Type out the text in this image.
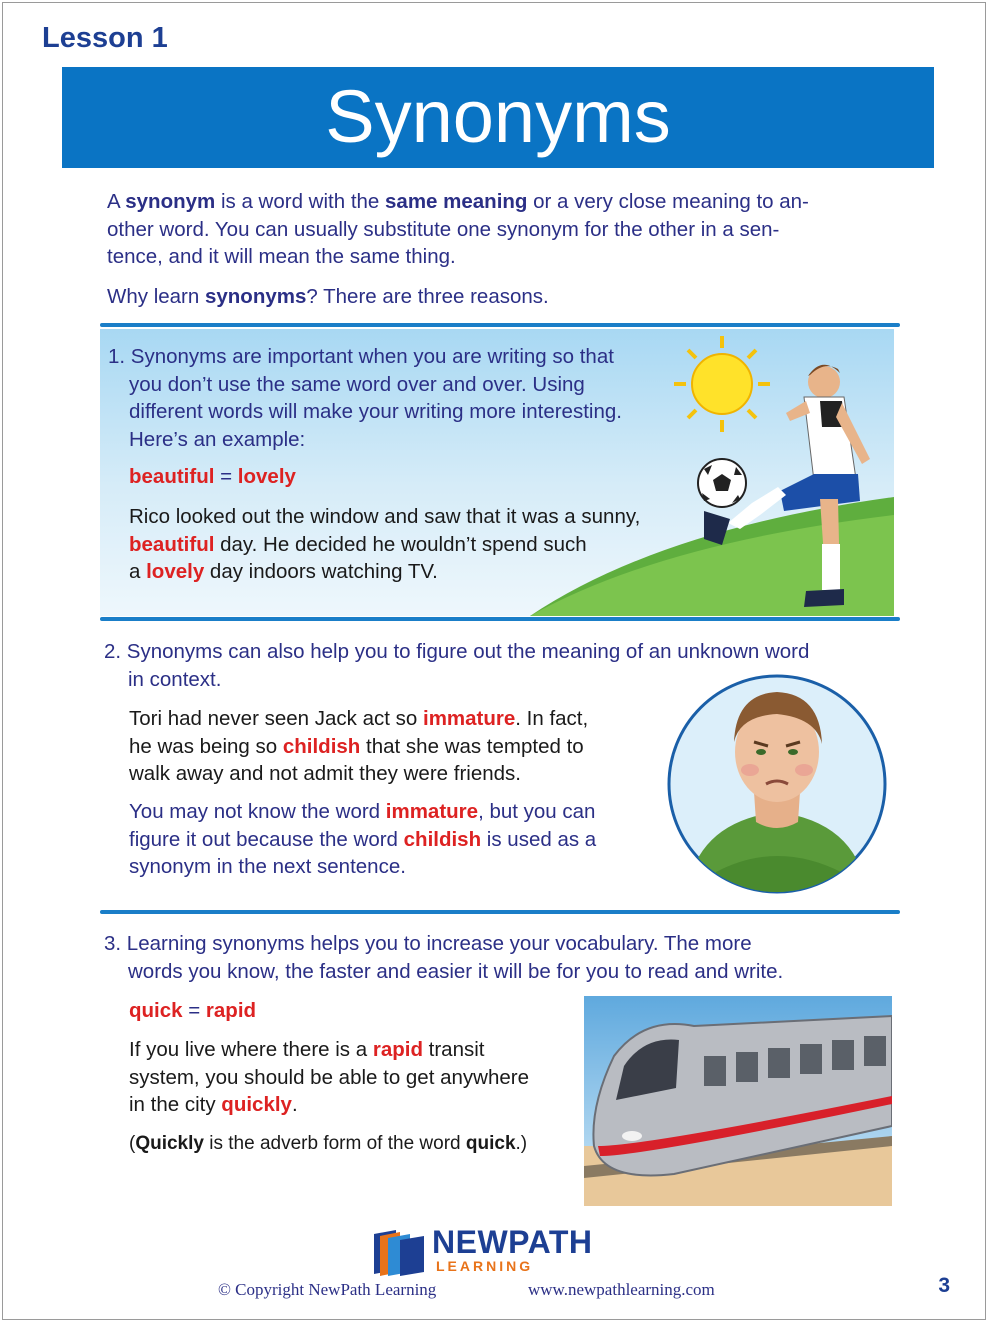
Lesson 1
Synonyms
A synonym is a word with the same meaning or a very close meaning to an-
other word. You can usually substitute one synonym for the other in a sen-
tence, and it will mean the same thing.
Why learn synonyms? There are three reasons.
1. Synonyms are important when you are writing so that
you don’t use the same word over and over. Using
different words will make your writing more interesting.
Here’s an example:
beautiful = lovely
Rico looked out the window and saw that it was a sunny,
beautiful day. He decided he wouldn’t spend such
a lovely day indoors watching TV.
2. Synonyms can also help you to figure out the meaning of an unknown word
in context.
Tori had never seen Jack act so immature. In fact,
he was being so childish that she was tempted to
walk away and not admit they were friends.
You may not know the word immature, but you can
figure it out because the word childish is used as a
synonym in the next sentence.
3. Learning synonyms helps you to increase your vocabulary. The more
words you know, the faster and easier it will be for you to read and write.
quick = rapid
If you live where there is a rapid transit
system, you should be able to get anywhere
in the city quickly.
(Quickly is the adverb form of the word quick.)
NEWPATH
LEARNING
© Copyright NewPath Learning	www.newpathlearning.com	3
